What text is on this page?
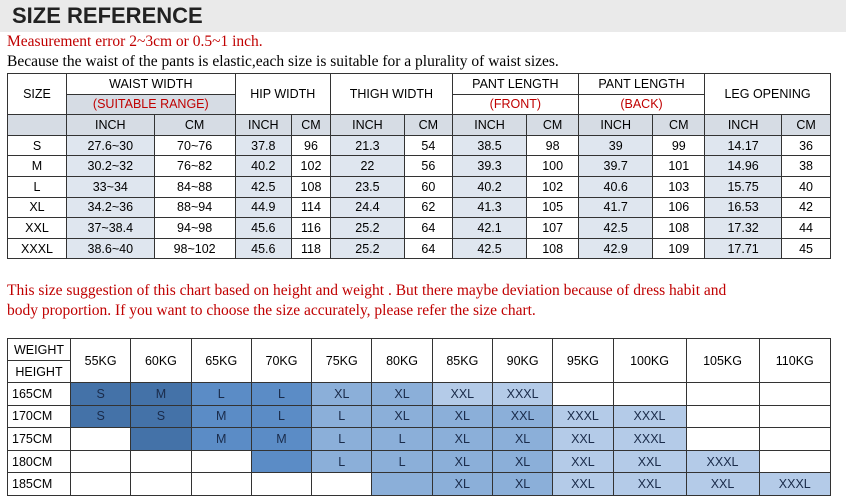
SIZE REFERENCE
Measurement error 2~3cm or 0.5~1 inch.
Because the waist of the pants is elastic,each size is suitable for a plurality of waist sizes.
SIZE	WAIST WIDTH		HIP WIDTH		THIGH WIDTH		PANT LENGTH		PANT LENGTH		LEG OPENING	
	(SUITABLE RANGE)						(FRONT)		(BACK)			
	INCH	CM	INCH	CM	INCH	CM	INCH	CM	INCH	CM	INCH	CM
S	27.6~30	70~76	37.8	96	21.3	54	38.5	98	39	99	14.17	36
M	30.2~32	76~82	40.2	102	22	56	39.3	100	39.7	101	14.96	38
L	33~34	84~88	42.5	108	23.5	60	40.2	102	40.6	103	15.75	40
XL	34.2~36	88~94	44.9	114	24.4	62	41.3	105	41.7	106	16.53	42
XXL	37~38.4	94~98	45.6	116	25.2	64	42.1	107	42.5	108	17.32	44
XXXL	38.6~40	98~102	45.6	118	25.2	64	42.5	108	42.9	109	17.71	45
This size suggestion of this chart based on height and weight . But there maybe deviation because of dress habit and
body proportion. If you want to choose the size accurately, please refer the size chart.
WEIGHT	55KG	60KG	65KG	70KG	75KG	80KG	85KG	90KG	95KG	100KG	105KG	110KG
HEIGHT												
165CM	S	M	L	L	XL	XL	XXL	XXXL				
170CM	S	S	M	L	L	XL	XL	XXL	XXXL	XXXL		
175CM			M	M	L	L	XL	XL	XXL	XXXL		
180CM					L	L	XL	XL	XXL	XXL	XXXL	
185CM							XL	XL	XXL	XXL	XXL	XXXL
